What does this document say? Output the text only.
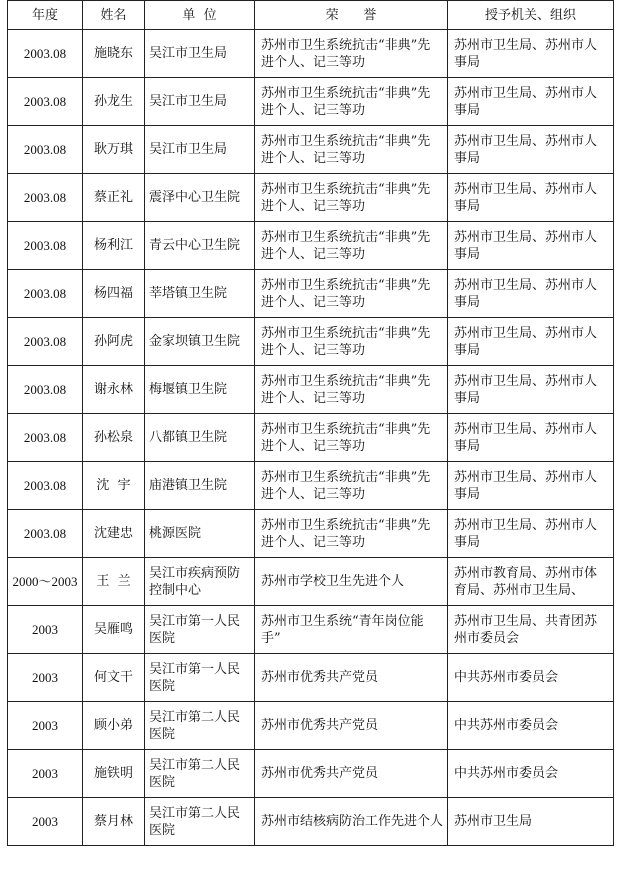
年度	姓名	单  位	荣      誉	授予机关、组织
2003.08	施晓东	吴江市卫生局	苏州市卫生系统抗击“非典”先进个人、记三等功	苏州市卫生局、苏州市人事局

2003.08	孙龙生	吴江市卫生局	苏州市卫生系统抗击“非典”先进个人、记三等功	苏州市卫生局、苏州市人事局

2003.08	耿万琪	吴江市卫生局	苏州市卫生系统抗击“非典”先进个人、记三等功	苏州市卫生局、苏州市人事局

2003.08	蔡正礼	震泽中心卫生院	苏州市卫生系统抗击“非典”先进个人、记三等功	苏州市卫生局、苏州市人事局

2003.08	杨利江	青云中心卫生院	苏州市卫生系统抗击“非典”先进个人、记三等功	苏州市卫生局、苏州市人事局

2003.08	杨四福	莘塔镇卫生院	苏州市卫生系统抗击“非典”先进个人、记三等功	苏州市卫生局、苏州市人事局

2003.08	孙阿虎	金家坝镇卫生院	苏州市卫生系统抗击“非典”先进个人、记三等功	苏州市卫生局、苏州市人事局

2003.08	谢永林	梅堰镇卫生院	苏州市卫生系统抗击“非典”先进个人、记三等功	苏州市卫生局、苏州市人事局

2003.08	孙松泉	八都镇卫生院	苏州市卫生系统抗击“非典”先进个人、记三等功	苏州市卫生局、苏州市人事局

2003.08	沈  宇	庙港镇卫生院	苏州市卫生系统抗击“非典”先进个人、记三等功	苏州市卫生局、苏州市人事局

2003.08	沈建忠	桃源医院	苏州市卫生系统抗击“非典”先进个人、记三等功	苏州市卫生局、苏州市人事局

2000～2003	王  兰	吴江市疾病预防控制中心	苏州市学校卫生先进个人	苏州市教育局、苏州市体育局、苏州市卫生局、

2003	吴雁鸣	吴江市第一人民医院	苏州市卫生系统“青年岗位能手”	苏州市卫生局、共青团苏州市委员会

2003	何文干	吴江市第一人民医院	苏州市优秀共产党员	中共苏州市委员会

2003	顾小弟	吴江市第二人民医院	苏州市优秀共产党员	中共苏州市委员会

2003	施铁明	吴江市第二人民医院	苏州市优秀共产党员	中共苏州市委员会

2003	蔡月林	吴江市第二人民医院	苏州市结核病防治工作先进个人	苏州市卫生局
